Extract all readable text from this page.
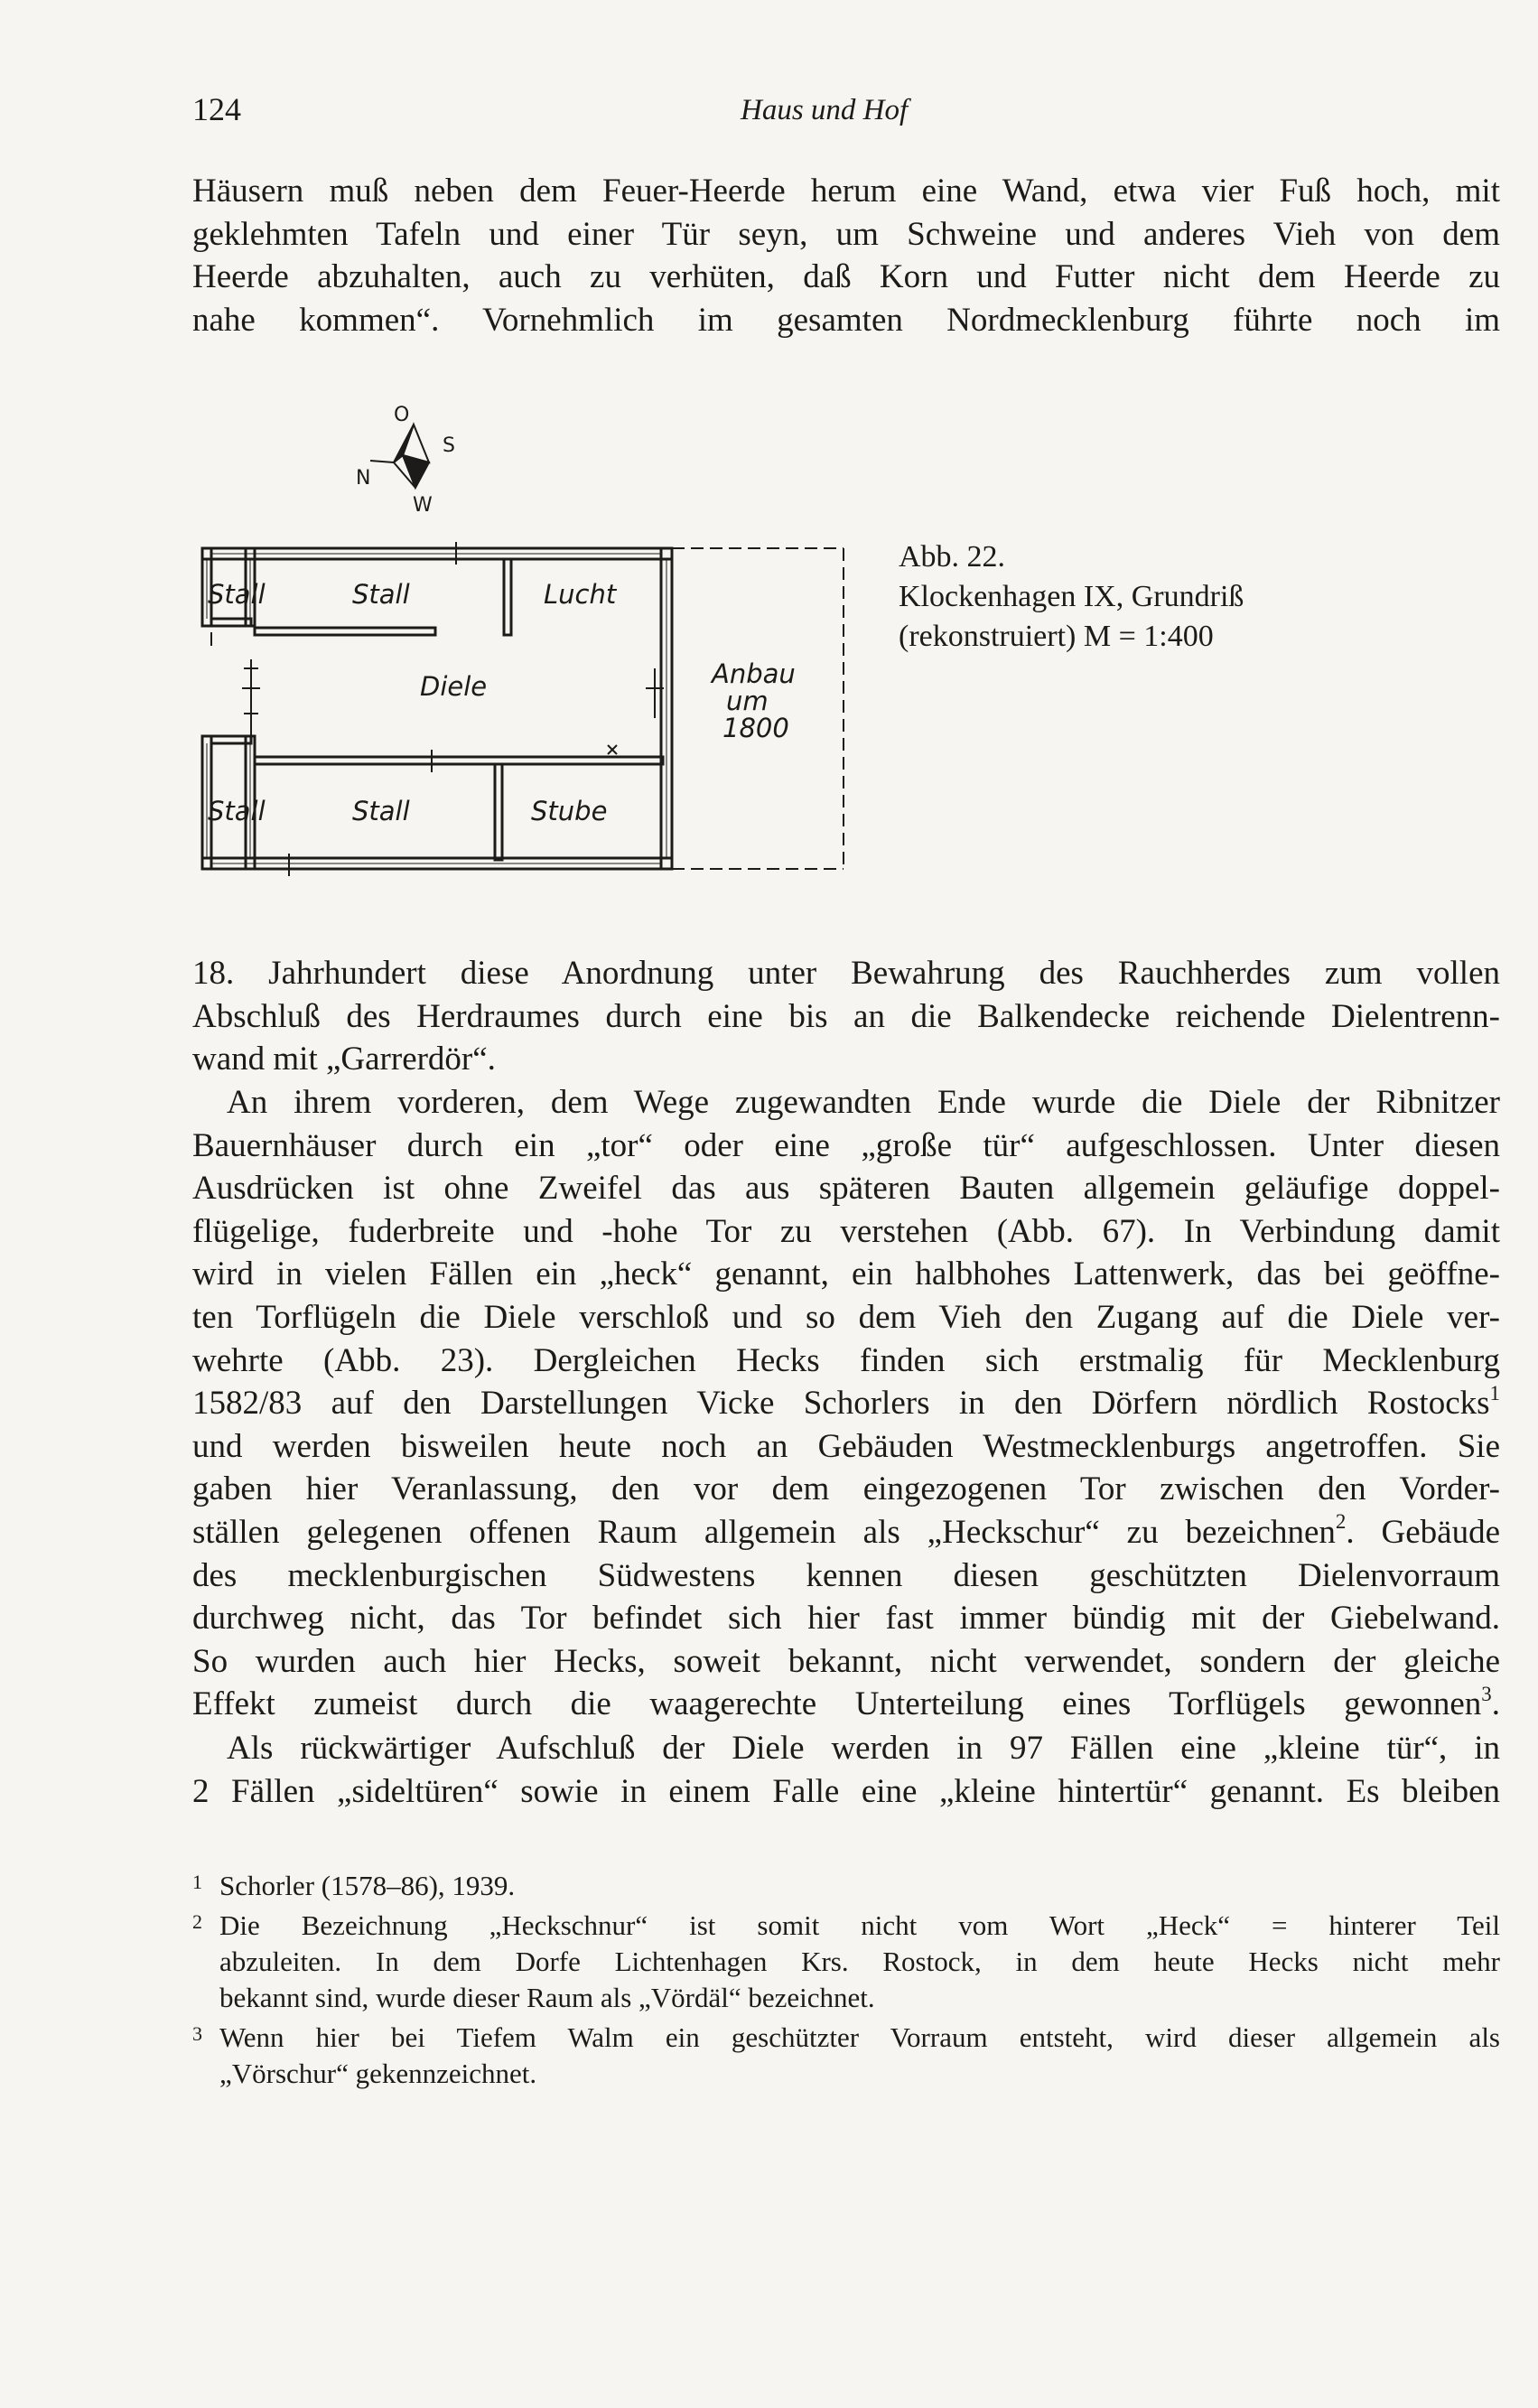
124	Haus und Hof
Häusern muß neben dem Feuer-Heerde herum eine Wand, etwa vier Fuß hoch, mit
geklehmten Tafeln und einer Tür seyn, um Schweine und anderes Vieh von dem
Heerde abzuhalten, auch zu verhüten, daß Korn und Futter nicht dem Heerde zu
nahe kommen“. Vornehmlich im gesamten Nordmecklenburg führte noch im
O
S
N
W
Stall	Stall	Lucht
Diele	Anbau
um
1800
Stall	Stall	Stube
Abb. 22.
Klockenhagen IX, Grundriß
(rekonstruiert) M = 1:400
18. Jahrhundert diese Anordnung unter Bewahrung des Rauchherdes zum vollen
Abschluß des Herdraumes durch eine bis an die Balkendecke reichende Dielentrenn-
wand mit „Garrerdör“.
An ihrem vorderen, dem Wege zugewandten Ende wurde die Diele der Ribnitzer
Bauernhäuser durch ein „tor“ oder eine „große tür“ aufgeschlossen. Unter diesen
Ausdrücken ist ohne Zweifel das aus späteren Bauten allgemein geläufige doppel-
flügelige, fuderbreite und -hohe Tor zu verstehen (Abb. 67). In Verbindung damit
wird in vielen Fällen ein „heck“ genannt, ein halbhohes Lattenwerk, das bei geöffne-
ten Torflügeln die Diele verschloß und so dem Vieh den Zugang auf die Diele ver-
wehrte (Abb. 23). Dergleichen Hecks finden sich erstmalig für Mecklenburg
1582/83 auf den Darstellungen Vicke Schorlers in den Dörfern nördlich Rostocks$^1$
und werden bisweilen heute noch an Gebäuden Westmecklenburgs angetroffen. Sie
gaben hier Veranlassung, den vor dem eingezogenen Tor zwischen den Vorder-
ställen gelegenen offenen Raum allgemein als „Heckschur“ zu bezeichnen$^2$. Gebäude
des mecklenburgischen Südwestens kennen diesen geschützten Dielenvorraum
durchweg nicht, das Tor befindet sich hier fast immer bündig mit der Giebelwand.
So wurden auch hier Hecks, soweit bekannt, nicht verwendet, sondern der gleiche
Effekt zumeist durch die waagerechte Unterteilung eines Torflügels gewonnen$^3$.
Als rückwärtiger Aufschluß der Diele werden in 97 Fällen eine „kleine tür“, in
2 Fällen „sideltüren“ sowie in einem Falle eine „kleine hintertür“ genannt. Es bleiben
1 Schorler (1578–86), 1939.
2 Die Bezeichnung „Heckschnur“ ist somit nicht vom Wort „Heck“ = hinterer Teil
abzuleiten. In dem Dorfe Lichtenhagen Krs. Rostock, in dem heute Hecks nicht mehr
bekannt sind, wurde dieser Raum als „Vördäl“ bezeichnet.
3 Wenn hier bei Tiefem Walm ein geschützter Vorraum entsteht, wird dieser allgemein als
„Vörschur“ gekennzeichnet.
